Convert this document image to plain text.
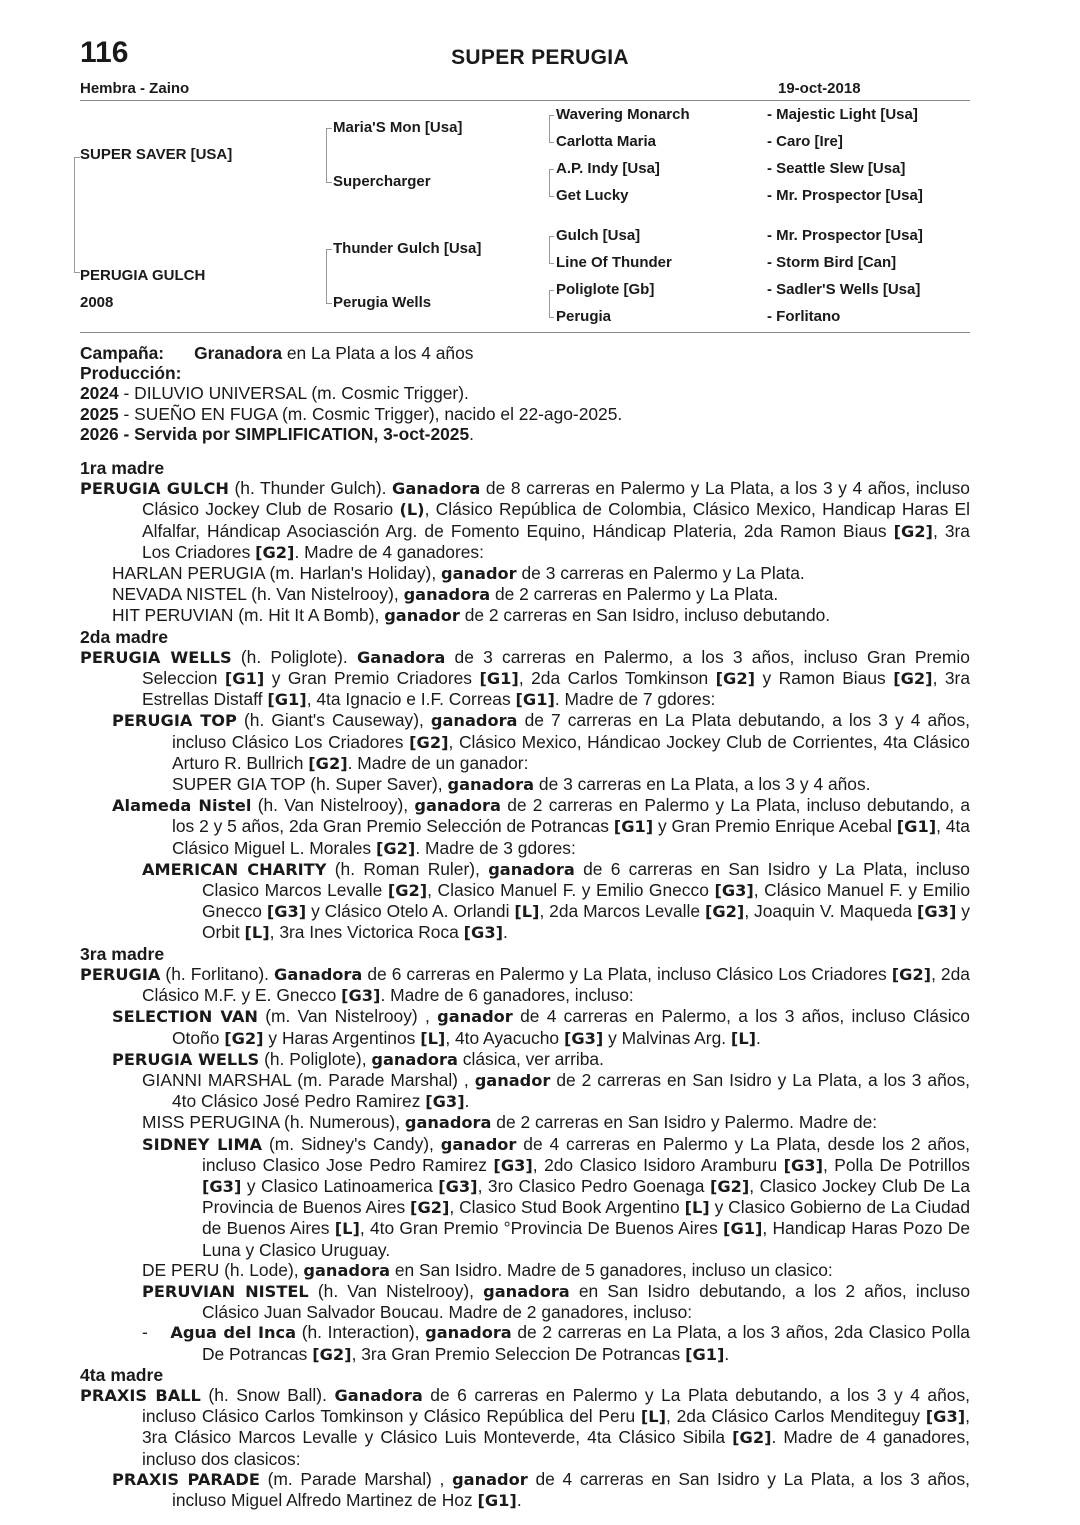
116	SUPER PERUGIA
Hembra - Zaino	19-oct-2018
SUPER SAVER [USA]
PERUGIA GULCH
2008
Maria'S Mon [Usa]
Supercharger
Thunder Gulch [Usa]
Perugia Wells
Wavering Monarch
Carlotta Maria
A.P. Indy [Usa]
Get Lucky
Gulch [Usa]
Line Of Thunder
Poliglote [Gb]
Perugia
- Majestic Light [Usa]
- Caro [Ire]
- Seattle Slew [Usa]
- Mr. Prospector [Usa]
- Mr. Prospector [Usa]
- Storm Bird [Can]
- Sadler'S Wells [Usa]
- Forlitano

Campaña: Granadora en La Plata a los 4 años

Producción:

2024 - DILUVIO UNIVERSAL (m. Cosmic Trigger).

2025 - SUEÑO EN FUGA (m. Cosmic Trigger), nacido el 22-ago-2025.

2026 - Servida por SIMPLIFICATION, 3-oct-2025.

1ra madre

PERUGIA GULCH (h. Thunder Gulch). Ganadora de 8 carreras en Palermo y La Plata, a los 3 y 4 años, incluso Clásico Jockey Club de Rosario (L), Clásico República de Colombia, Clásico Mexico, Handicap Haras El Alfalfar, Hándicap Asociasción Arg. de Fomento Equino, Hándicap Plateria, 2da Ramon Biaus [G2], 3ra Los Criadores [G2]. Madre de 4 ganadores:

HARLAN PERUGIA (m. Harlan's Holiday), ganador de 3 carreras en Palermo y La Plata.

NEVADA NISTEL (h. Van Nistelrooy), ganadora de 2 carreras en Palermo y La Plata.

HIT PERUVIAN (m. Hit It A Bomb), ganador de 2 carreras en San Isidro, incluso debutando.

2da madre

PERUGIA WELLS (h. Poliglote). Ganadora de 3 carreras en Palermo, a los 3 años, incluso Gran Premio Seleccion [G1] y Gran Premio Criadores [G1], 2da Carlos Tomkinson [G2] y Ramon Biaus [G2], 3ra Estrellas Distaff [G1], 4ta Ignacio e I.F. Correas [G1]. Madre de 7 gdores:

PERUGIA TOP (h. Giant's Causeway), ganadora de 7 carreras en La Plata debutando, a los 3 y 4 años, incluso Clásico Los Criadores [G2], Clásico Mexico, Hándicao Jockey Club de Corrientes, 4ta Clásico Arturo R. Bullrich [G2]. Madre de un ganador:

SUPER GIA TOP (h. Super Saver), ganadora de 3 carreras en La Plata, a los 3 y 4 años.

Alameda Nistel (h. Van Nistelrooy), ganadora de 2 carreras en Palermo y La Plata, incluso debutando, a los 2 y 5 años, 2da Gran Premio Selección de Potrancas [G1] y Gran Premio Enrique Acebal [G1], 4ta Clásico Miguel L. Morales [G2]. Madre de 3 gdores:

AMERICAN CHARITY (h. Roman Ruler), ganadora de 6 carreras en San Isidro y La Plata, incluso Clasico Marcos Levalle [G2], Clasico Manuel F. y Emilio Gnecco [G3], Clásico Manuel F. y Emilio Gnecco [G3] y Clásico Otelo A. Orlandi [L], 2da Marcos Levalle [G2], Joaquin V. Maqueda [G3] y Orbit [L], 3ra Ines Victorica Roca [G3].

3ra madre

PERUGIA (h. Forlitano). Ganadora de 6 carreras en Palermo y La Plata, incluso Clásico Los Criadores [G2], 2da Clásico M.F. y E. Gnecco [G3]. Madre de 6 ganadores, incluso:

SELECTION VAN (m. Van Nistelrooy) , ganador de 4 carreras en Palermo, a los 3 años, incluso Clásico Otoño [G2] y Haras Argentinos [L], 4to Ayacucho [G3] y Malvinas Arg. [L].

PERUGIA WELLS (h. Poliglote), ganadora clásica, ver arriba.

GIANNI MARSHAL (m. Parade Marshal) , ganador de 2 carreras en San Isidro y La Plata, a los 3 años, 4to Clásico José Pedro Ramirez [G3].

MISS PERUGINA (h. Numerous), ganadora de 2 carreras en San Isidro y Palermo. Madre de:

SIDNEY LIMA (m. Sidney's Candy), ganador de 4 carreras en Palermo y La Plata, desde los 2 años, incluso Clasico Jose Pedro Ramirez [G3], 2do Clasico Isidoro Aramburu [G3], Polla De Potrillos [G3] y Clasico Latinoamerica [G3], 3ro Clasico Pedro Goenaga [G2], Clasico Jockey Club De La Provincia de Buenos Aires [G2], Clasico Stud Book Argentino [L] y Clasico Gobierno de La Ciudad de Buenos Aires [L], 4to Gran Premio °Provincia De Buenos Aires [G1], Handicap Haras Pozo De Luna y Clasico Uruguay.

DE PERU (h. Lode), ganadora en San Isidro. Madre de 5 ganadores, incluso un clasico:

PERUVIAN NISTEL (h. Van Nistelrooy), ganadora en San Isidro debutando, a los 2 años, incluso Clásico Juan Salvador Boucau. Madre de 2 ganadores, incluso:

- Agua del Inca (h. Interaction), ganadora de 2 carreras en La Plata, a los 3 años, 2da Clasico Polla De Potrancas [G2], 3ra Gran Premio Seleccion De Potrancas [G1].

4ta madre

PRAXIS BALL (h. Snow Ball). Ganadora de 6 carreras en Palermo y La Plata debutando, a los 3 y 4 años, incluso Clásico Carlos Tomkinson y Clásico República del Peru [L], 2da Clásico Carlos Menditeguy [G3], 3ra Clásico Marcos Levalle y Clásico Luis Monteverde, 4ta Clásico Sibila [G2]. Madre de 4 ganadores, incluso dos clasicos:

PRAXIS PARADE (m. Parade Marshal) , ganador de 4 carreras en San Isidro y La Plata, a los 3 años, incluso Miguel Alfredo Martinez de Hoz [G1].
